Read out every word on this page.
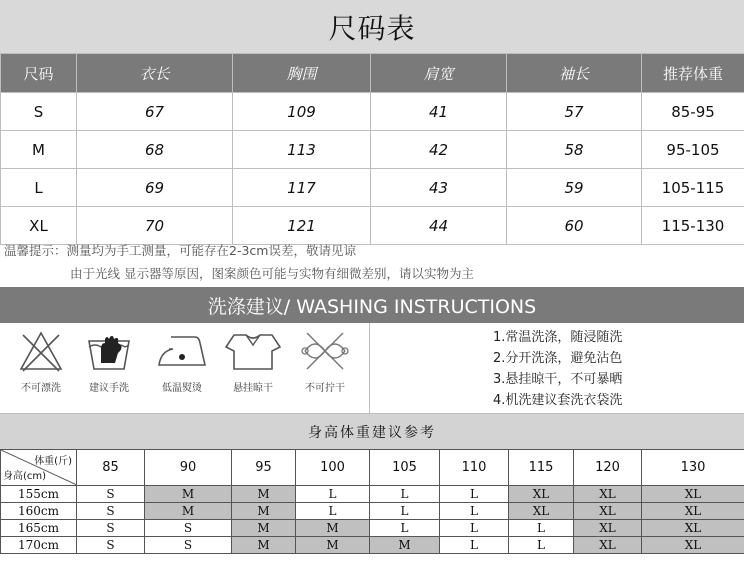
尺码表
尺码	衣长	胸围	肩宽	袖长	推荐体重
S	67	109	41	57	85-95
M	68	113	42	58	95-105
L	69	117	43	59	105-115
XL	70	121	44	60	115-130
温馨提示：测量均为手工测量，可能存在2-3cm误差，敬请见谅
由于光线 显示器等原因，图案颜色可能与实物有细微差别，请以实物为主
洗涤建议/ WASHING INSTRUCTIONS
不可漂洗	建议手洗	低温熨烫	悬挂晾干	不可拧干
1.常温洗涤，随浸随洗
2.分开洗涤，避免沾色
3.悬挂晾干，不可暴晒
4.机洗建议套洗衣袋洗
身高体重建议参考
体重(斤)
身高(cm)	85	90	95	100	105	110	115	120	130
155cm	S	M	M	L	L	L	XL	XL	XL
160cm	S	M	M	L	L	L	XL	XL	XL
165cm	S	S	M	M	L	L	L	XL	XL
170cm	S	S	M	M	M	L	L	XL	XL
